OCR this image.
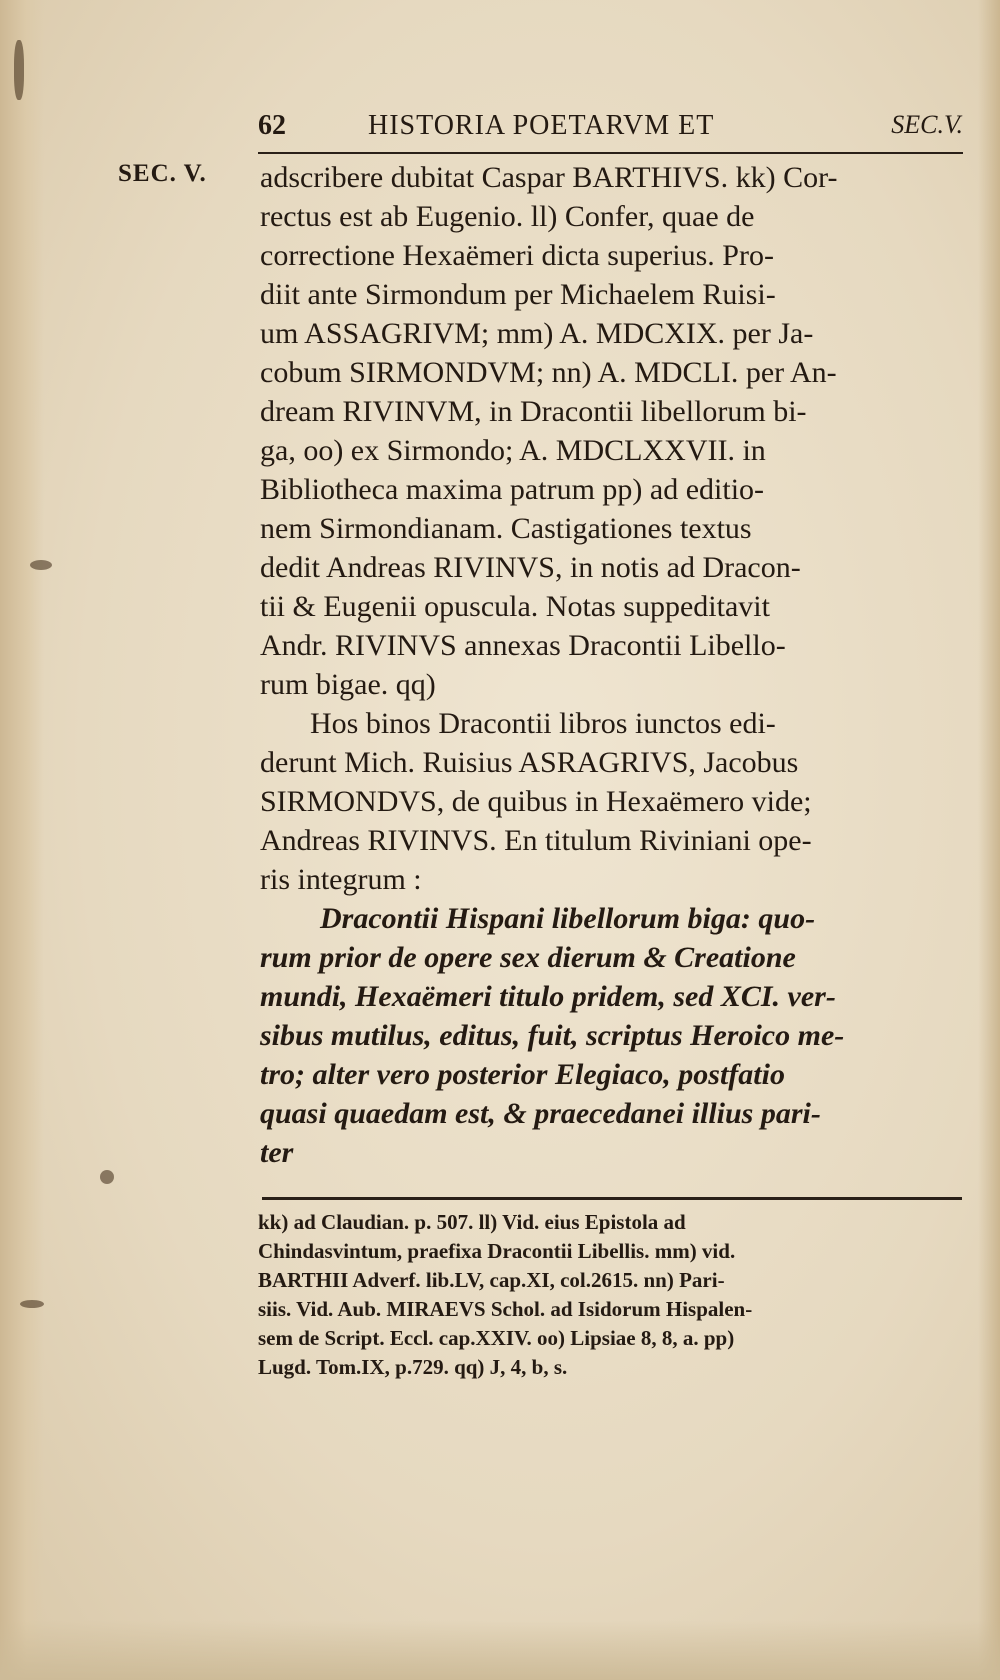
62	HISTORIA POETARVM ET	SEC.V.
SEC. V. adscribere dubitat Caspar BARTHIVS. kk) Cor-
rectus est ab Eugenio. ll) Confer, quae de
correctione Hexaëmeri dicta superius. Pro-
diit ante Sirmondum per Michaelem Ruisi-
um ASSAGRIVM; mm) A. MDCXIX. per Ja-
cobum SIRMONDVM; nn) A. MDCLI. per An-
dream RIVINVM, in Dracontii libellorum bi-
ga, oo) ex Sirmondo; A. MDCLXXVII. in
Bibliotheca maxima patrum pp) ad editio-
nem Sirmondianam. Castigationes textus
dedit Andreas RIVINVS, in notis ad Dracon-
tii & Eugenii opuscula. Notas suppeditavit
Andr. RIVINVS annexas Dracontii Libello-
rum bigae. qq)

Hos binos Dracontii libros iunctos edi-
derunt Mich. Ruisius ASRAGRIVS, Jacobus
SIRMONDVS, de quibus in Hexaëmero vide;
Andreas RIVINVS. En titulum Riviniani ope-
ris integrum :

Dracontii Hispani libellorum biga: quo-
rum prior de opere sex dierum & Creatione
mundi, Hexaëmeri titulo pridem, sed XCI. ver-
sibus mutilus, editus, fuit, scriptus Heroico me-
tro; alter vero posterior Elegiaco, postfatio
quasi quaedam est, & praecedanei illius pari-

ter

kk) ad Claudian. p. 507. ll) Vid. eius Epistola ad

Chindasvintum, praefixa Dracontii Libellis. mm) vid.

BARTHII Adverf. lib.LV, cap.XI, col.2615. nn) Pari-

siis. Vid. Aub. MIRAEVS Schol. ad Isidorum Hispalen-

sem de Script. Eccl. cap.XXIV. oo) Lipsiae 8, 8, a. pp)

Lugd. Tom.IX, p.729. qq) J, 4, b, s.
